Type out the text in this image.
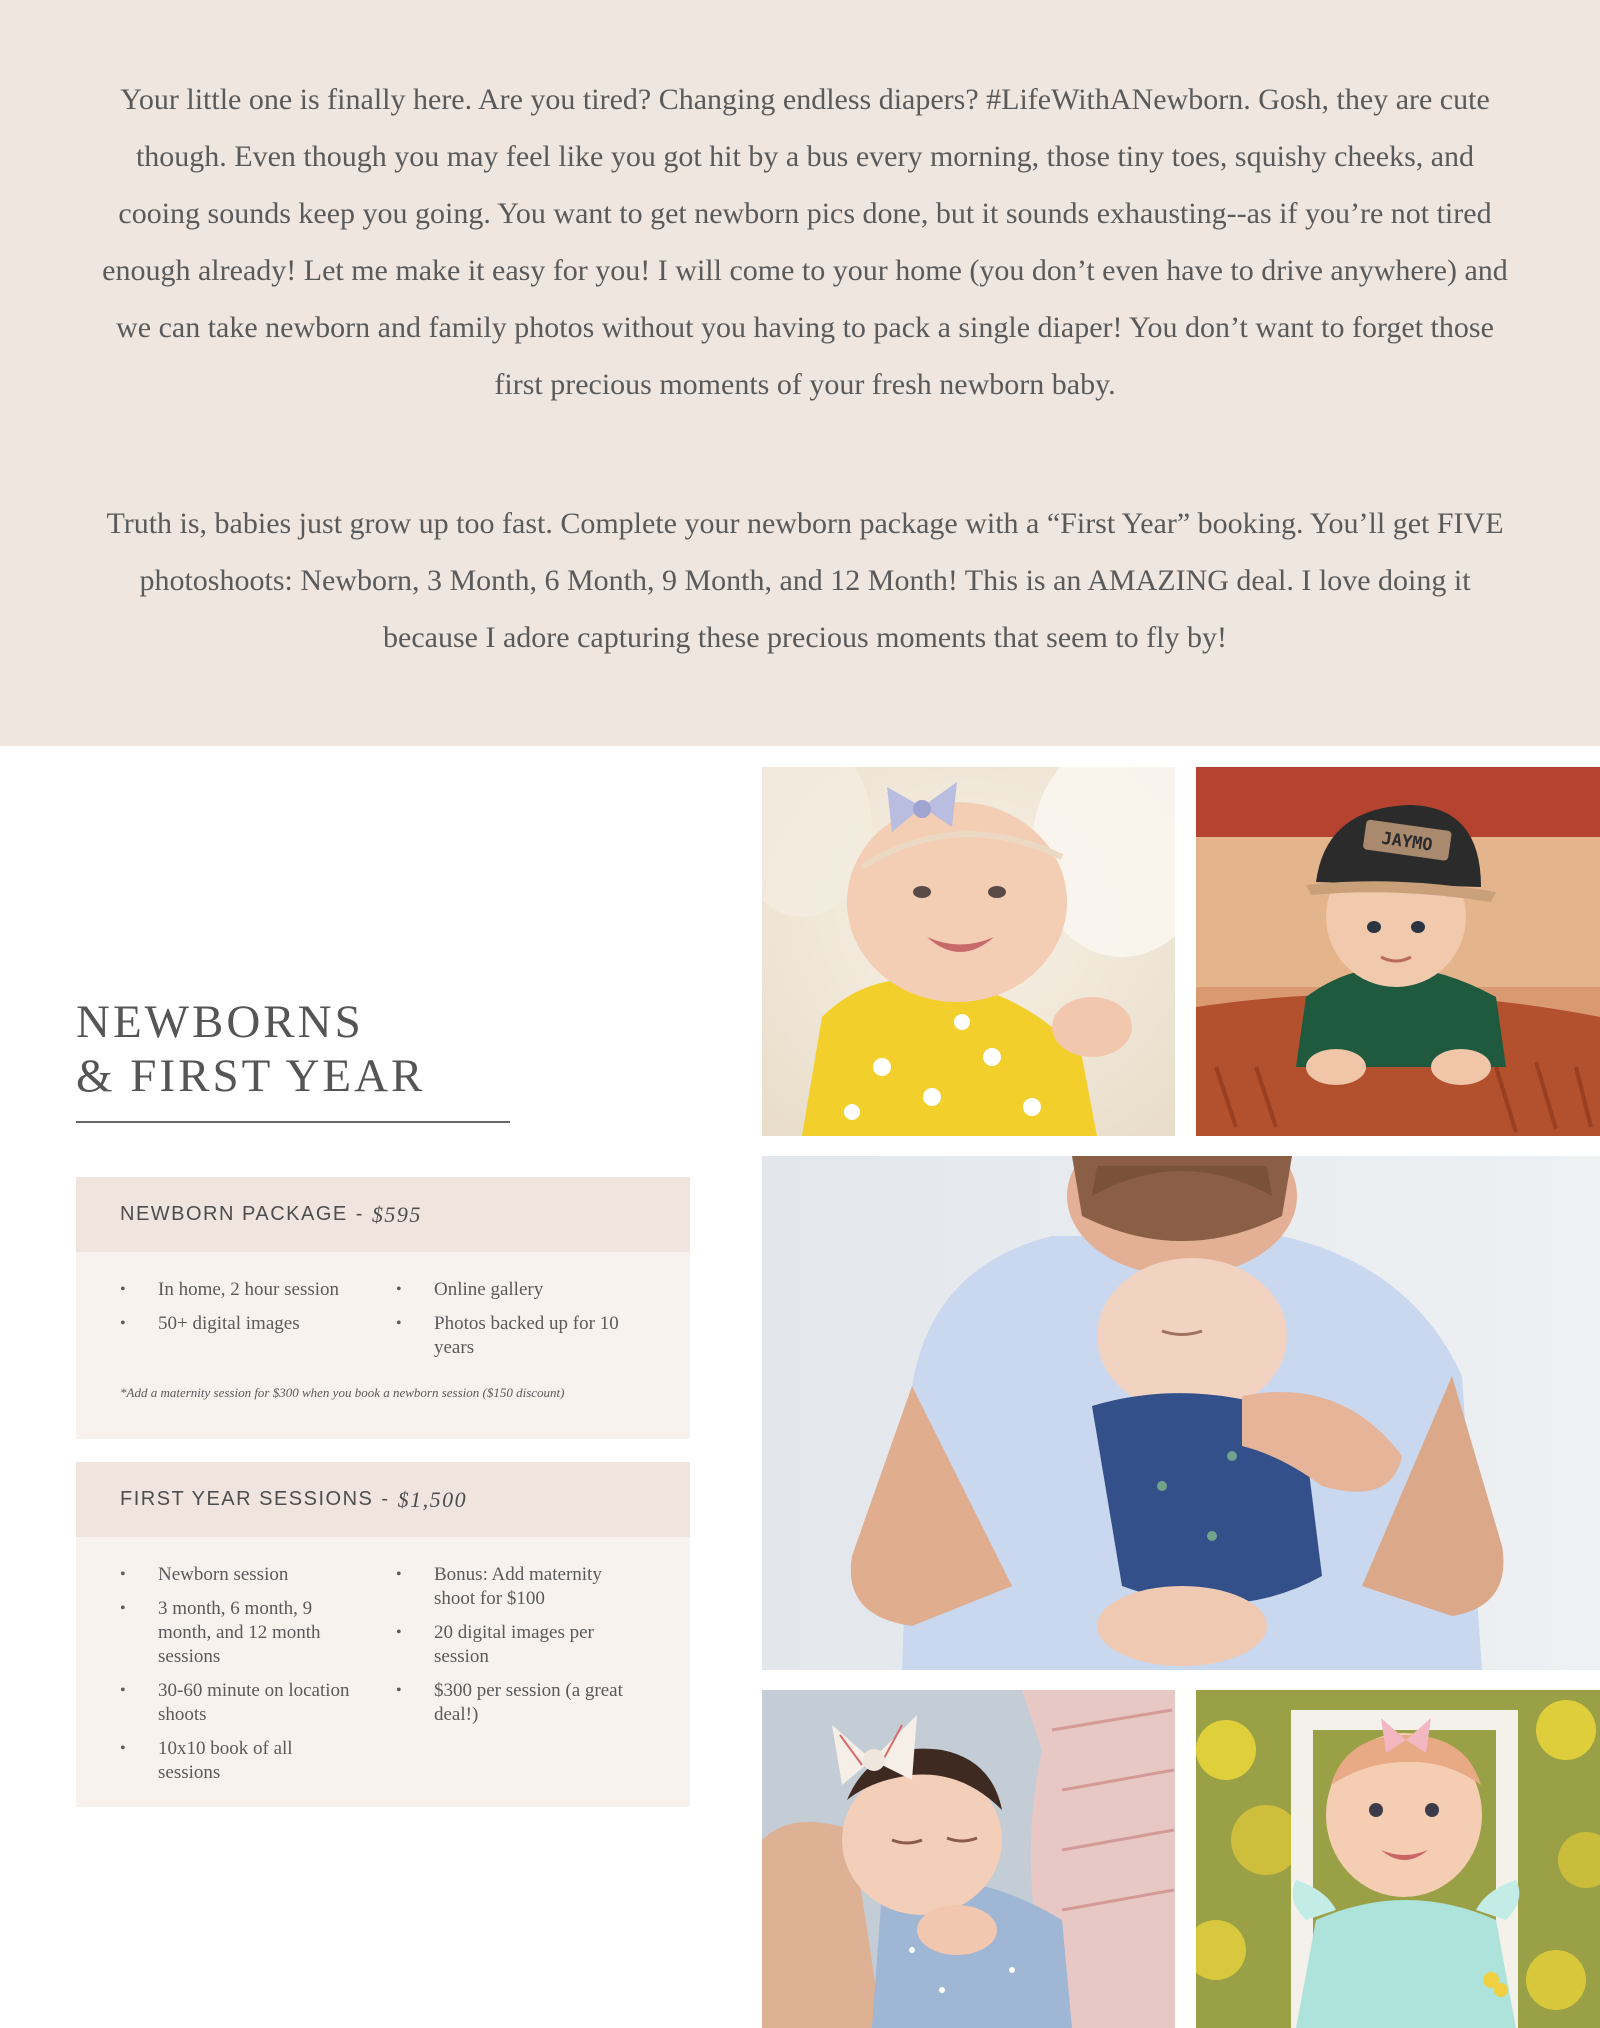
Your little one is finally here. Are you tired? Changing endless diapers? #LifeWithANewborn. Gosh, they are cute though. Even though you may feel like you got hit by a bus every morning, those tiny toes, squishy cheeks, and cooing sounds keep you going. You want to get newborn pics done, but it sounds exhausting--as if you’re not tired enough already! Let me make it easy for you! I will come to your home (you don’t even have to drive anywhere) and we can take newborn and family photos without you having to pack a single diaper! You don’t want to forget those first precious moments of your fresh newborn baby.

Truth is, babies just grow up too fast. Complete your newborn package with a “First Year” booking. You’ll get FIVE photoshoots: Newborn, 3 Month, 6 Month, 9 Month, and 12 Month! This is an AMAZING deal. I love doing it because I adore capturing these precious moments that seem to fly by!

NEWBORNS
& FIRST YEAR
NEWBORN PACKAGE - $595
• In home, 2 hour session
• 50+ digital images
• Online gallery
• Photos backed up for 10 years
*Add a maternity session for $300 when you book a newborn session ($150 discount)
FIRST YEAR SESSIONS - $1,500
• Newborn session
• 3 month, 6 month, 9 month, and 12 month sessions
• 30-60 minute on location shoots
• 10x10 book of all sessions
• Bonus: Add maternity shoot for $100
• 20 digital images per session
• $300 per session (a great deal!)
JAYMO
